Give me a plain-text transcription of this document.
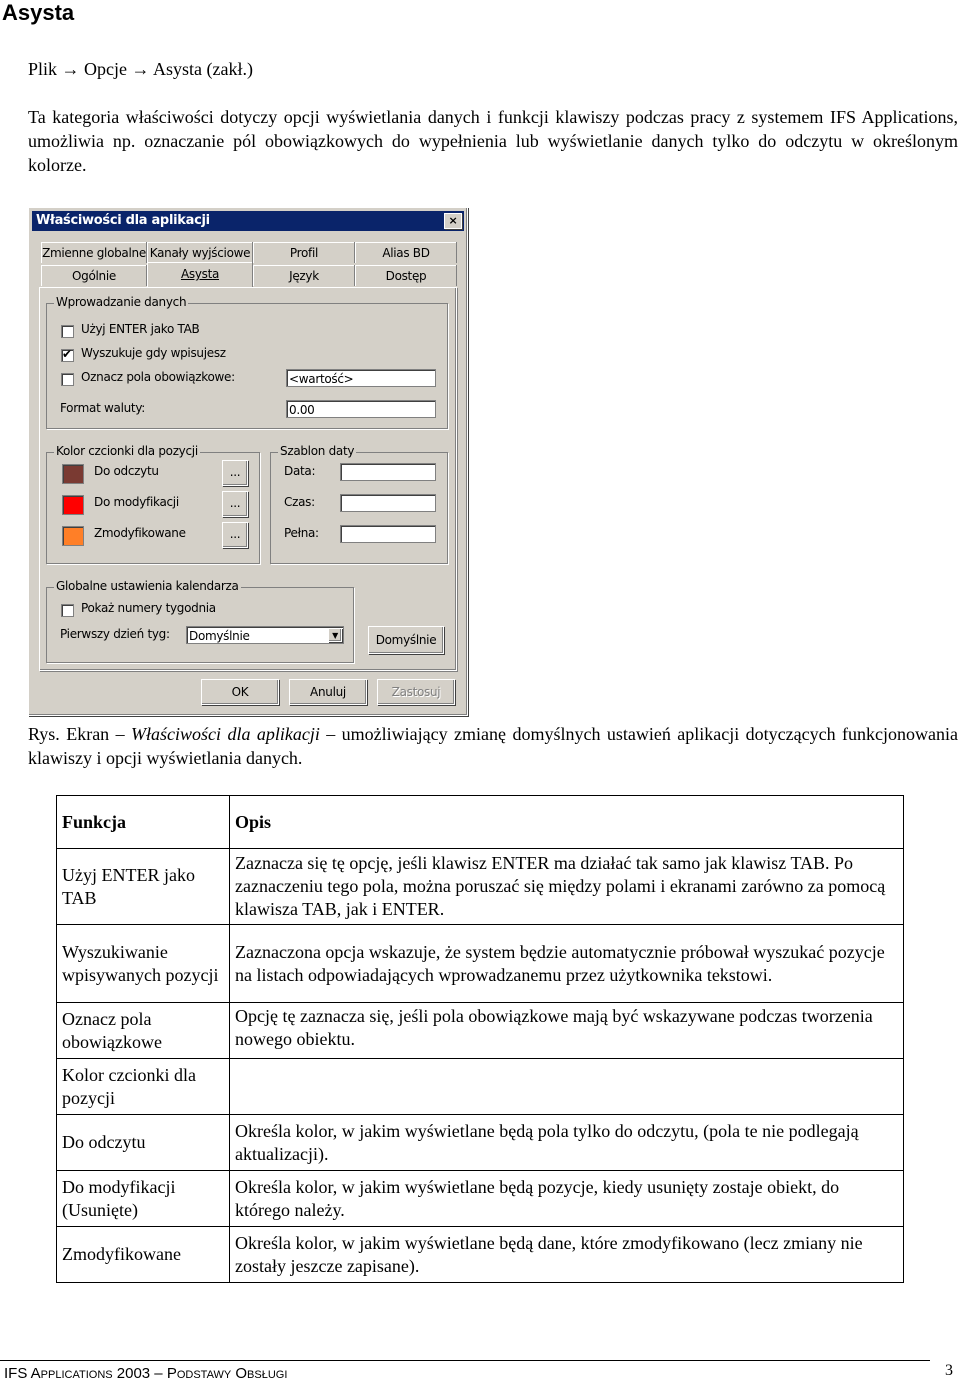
Asysta
Plik → Opcje → Asysta (zakł.)
Ta kategoria właściwości dotyczy opcji wyświetlania danych i funkcji klawiszy podczas pracy z systemem IFS Applications, umożliwia np. oznaczanie pól obowiązkowych do wypełnienia lub wyświetlanie danych tylko do odczytu w określonym kolorze.
Właściwości dla aplikacji	×
Zmienne globalne Kanały wyjściowe	Profil	Alias BD
Ogólnie	Asysta	Język	Dostęp
Wprowadzanie danych
Użyj ENTER jako TAB
✔ Wyszukuje gdy wpisujesz
Oznacz pola obowiązkowe:	<wartość>
Format waluty:	0.00
Kolor czcionki dla pozycji
Do odczytu	...
Do modyfikacji	...
Zmodyfikowane	...
Szablon daty
Data:
Czas:
Pełna:
Globalne ustawienia kalendarza
Pokaż numery tygodnia
Pierwszy dzień tyg: Domyślnie	▼	Domyślnie
OK	Anuluj	Zastosuj
Rys. Ekran – Właściwości dla aplikacji – umożliwiający zmianę domyślnych ustawień aplikacji dotyczących funkcjonowania klawiszy i opcji wyświetlania danych.
Funkcja	Opis
Użyj ENTER jako TAB	Zaznacza się tę opcję, jeśli klawisz ENTER ma działać tak samo jak klawisz TAB. Po zaznaczeniu tego pola, można poruszać się między polami i ekranami zarówno za pomocą klawisza TAB, jak i ENTER.
Wyszukiwanie wpisywanych pozycji	Zaznaczona opcja wskazuje, że system będzie automatycznie próbował wyszukać pozycje na listach odpowiadających wprowadzanemu przez użytkownika tekstowi.
Oznacz pola obowiązkowe	Opcję tę zaznacza się, jeśli pola obowiązkowe mają być wskazywane podczas tworzenia nowego obiektu.
Kolor czcionki dla pozycji	
Do odczytu	Określa kolor, w jakim wyświetlane będą pola tylko do odczytu, (pola te nie podlegają aktualizacji).
Do modyfikacji (Usunięte)	Określa kolor, w jakim wyświetlane będą pozycje, kiedy usunięty zostaje obiekt, do którego należy.
Zmodyfikowane	Określa kolor, w jakim wyświetlane będą dane, które zmodyfikowano (lecz zmiany nie zostały jeszcze zapisane).
IFS Applications 2003 – Podstawy Obsługi	3
